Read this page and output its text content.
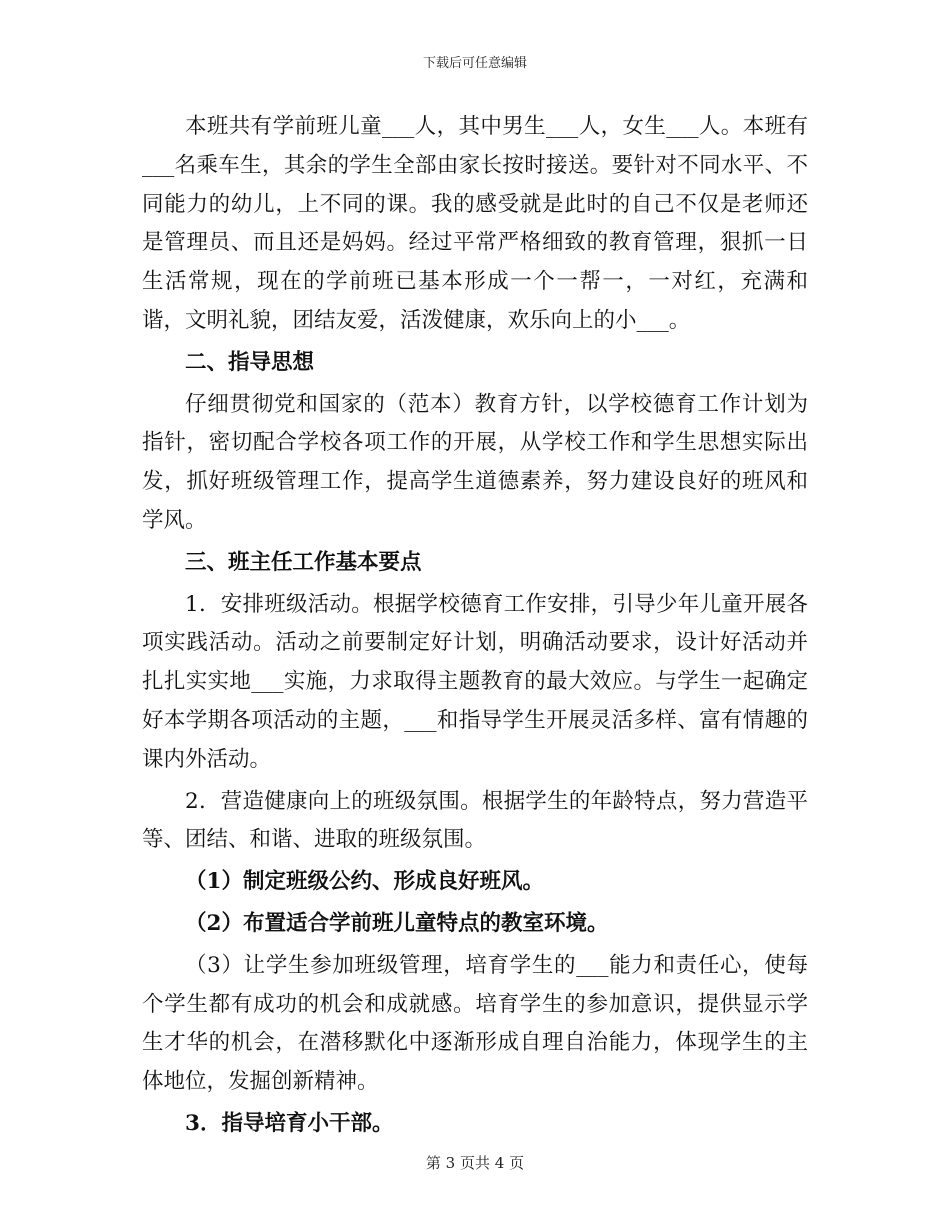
下载后可任意编辑

本班共有学前班儿童___人，其中男生___人，女生___人。本班有___名乘车生，其余的学生全部由家长按时接送。要针对不同水平、不同能力的幼儿，上不同的课。我的感受就是此时的自己不仅是老师还是管理员、而且还是妈妈。经过平常严格细致的教育管理，狠抓一日生活常规，现在的学前班已基本形成一个一帮一，一对红，充满和谐，文明礼貌，团结友爱，活泼健康，欢乐向上的小___。

二、指导思想

仔细贯彻党和国家的（范本）教育方针，以学校德育工作计划为指针，密切配合学校各项工作的开展，从学校工作和学生思想实际出发，抓好班级管理工作，提高学生道德素养，努力建设良好的班风和学风。

三、班主任工作基本要点

1．安排班级活动。根据学校德育工作安排，引导少年儿童开展各项实践活动。活动之前要制定好计划，明确活动要求，设计好活动并扎扎实实地___实施，力求取得主题教育的最大效应。与学生一起确定好本学期各项活动的主题，___和指导学生开展灵活多样、富有情趣的课内外活动。

2．营造健康向上的班级氛围。根据学生的年龄特点，努力营造平等、团结、和谐、进取的班级氛围。

（1）制定班级公约、形成良好班风。

（2）布置适合学前班儿童特点的教室环境。

（3）让学生参加班级管理，培育学生的___能力和责任心，使每个学生都有成功的机会和成就感。培育学生的参加意识，提供显示学生才华的机会，在潜移默化中逐渐形成自理自治能力，体现学生的主体地位，发掘创新精神。

3．指导培育小干部。

第 3 页共 4 页
